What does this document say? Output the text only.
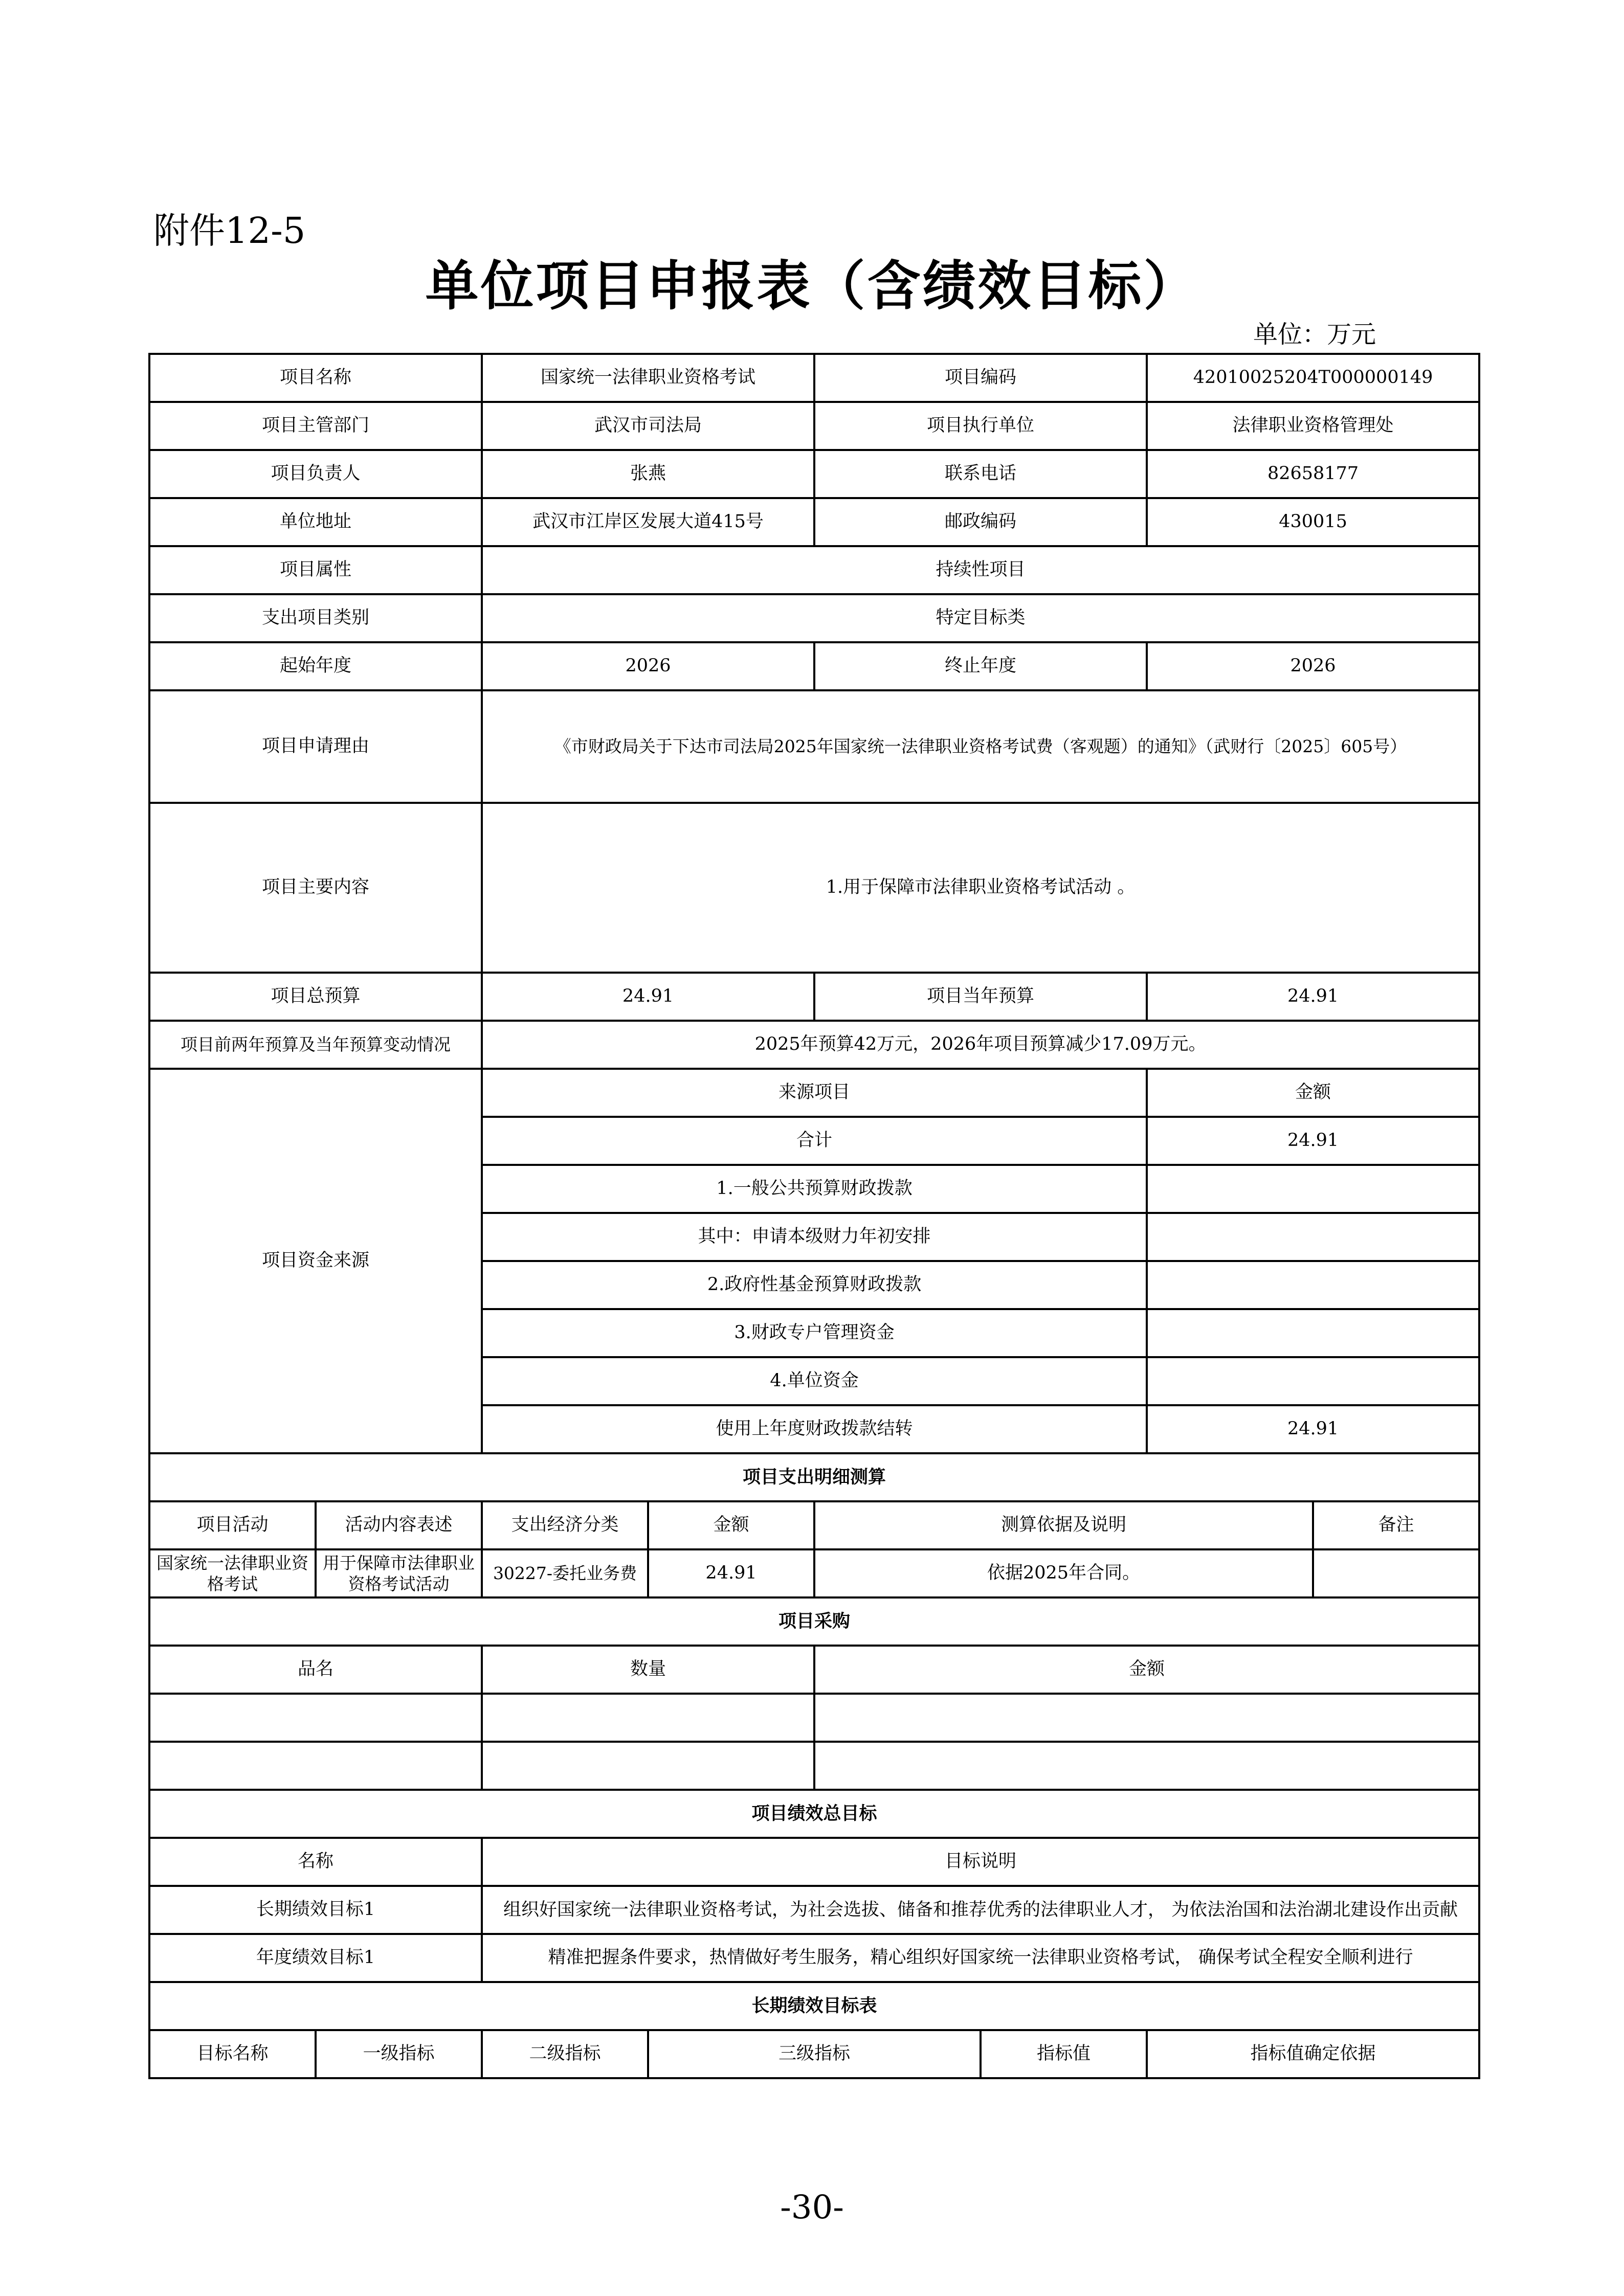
附件12-5
单位项目申报表（含绩效目标）
单位：万元
项目名称		国家统一法律职业资格考试		项目编码		42010025204T000000149	
项目主管部门		武汉市司法局		项目执行单位		法律职业资格管理处	
项目负责人		张燕		联系电话		82658177	
单位地址		武汉市江岸区发展大道415号		邮政编码		430015	
项目属性		持续性项目					
支出项目类别		特定目标类					
起始年度		2026		终止年度		2026	
项目申请理由		《市财政局关于下达市司法局2025年国家统一法律职业资格考试费（客观题）的通知》（武财行〔2025〕605号）					
项目主要内容		1.用于保障市法律职业资格考试活动 。					
项目总预算		24.91		项目当年预算		24.91	
项目前两年预算及当年预算变动情况		2025年预算42万元，2026年项目预算减少17.09万元。					
项目资金来源		来源项目				金额	
		合计				24.91	
		1.一般公共预算财政拨款					
		其中：申请本级财力年初安排					
		2.政府性基金预算财政拨款					
		3.财政专户管理资金					
		4.单位资金					
		使用上年度财政拨款结转				24.91	
项目支出明细测算							
项目活动	活动内容表述	支出经济分类	金额	测算依据及说明			备注
国家统一法律职业资格考试	用于保障市法律职业资格考试活动	30227-委托业务费	24.91	依据2025年合同。			
项目采购							
品名		数量		金额			

项目绩效总目标							
名称		目标说明					
长期绩效目标1		组织好国家统一法律职业资格考试，为社会选拔、储备和推荐优秀的法律职业人才， 为依法治国和法治湖北建设作出贡献					
年度绩效目标1		精准把握条件要求，热情做好考生服务，精心组织好国家统一法律职业资格考试， 确保考试全程安全顺利进行					
长期绩效目标表							
目标名称	一级指标	二级指标	三级指标		指标值	指标值确定依据	
-30-
